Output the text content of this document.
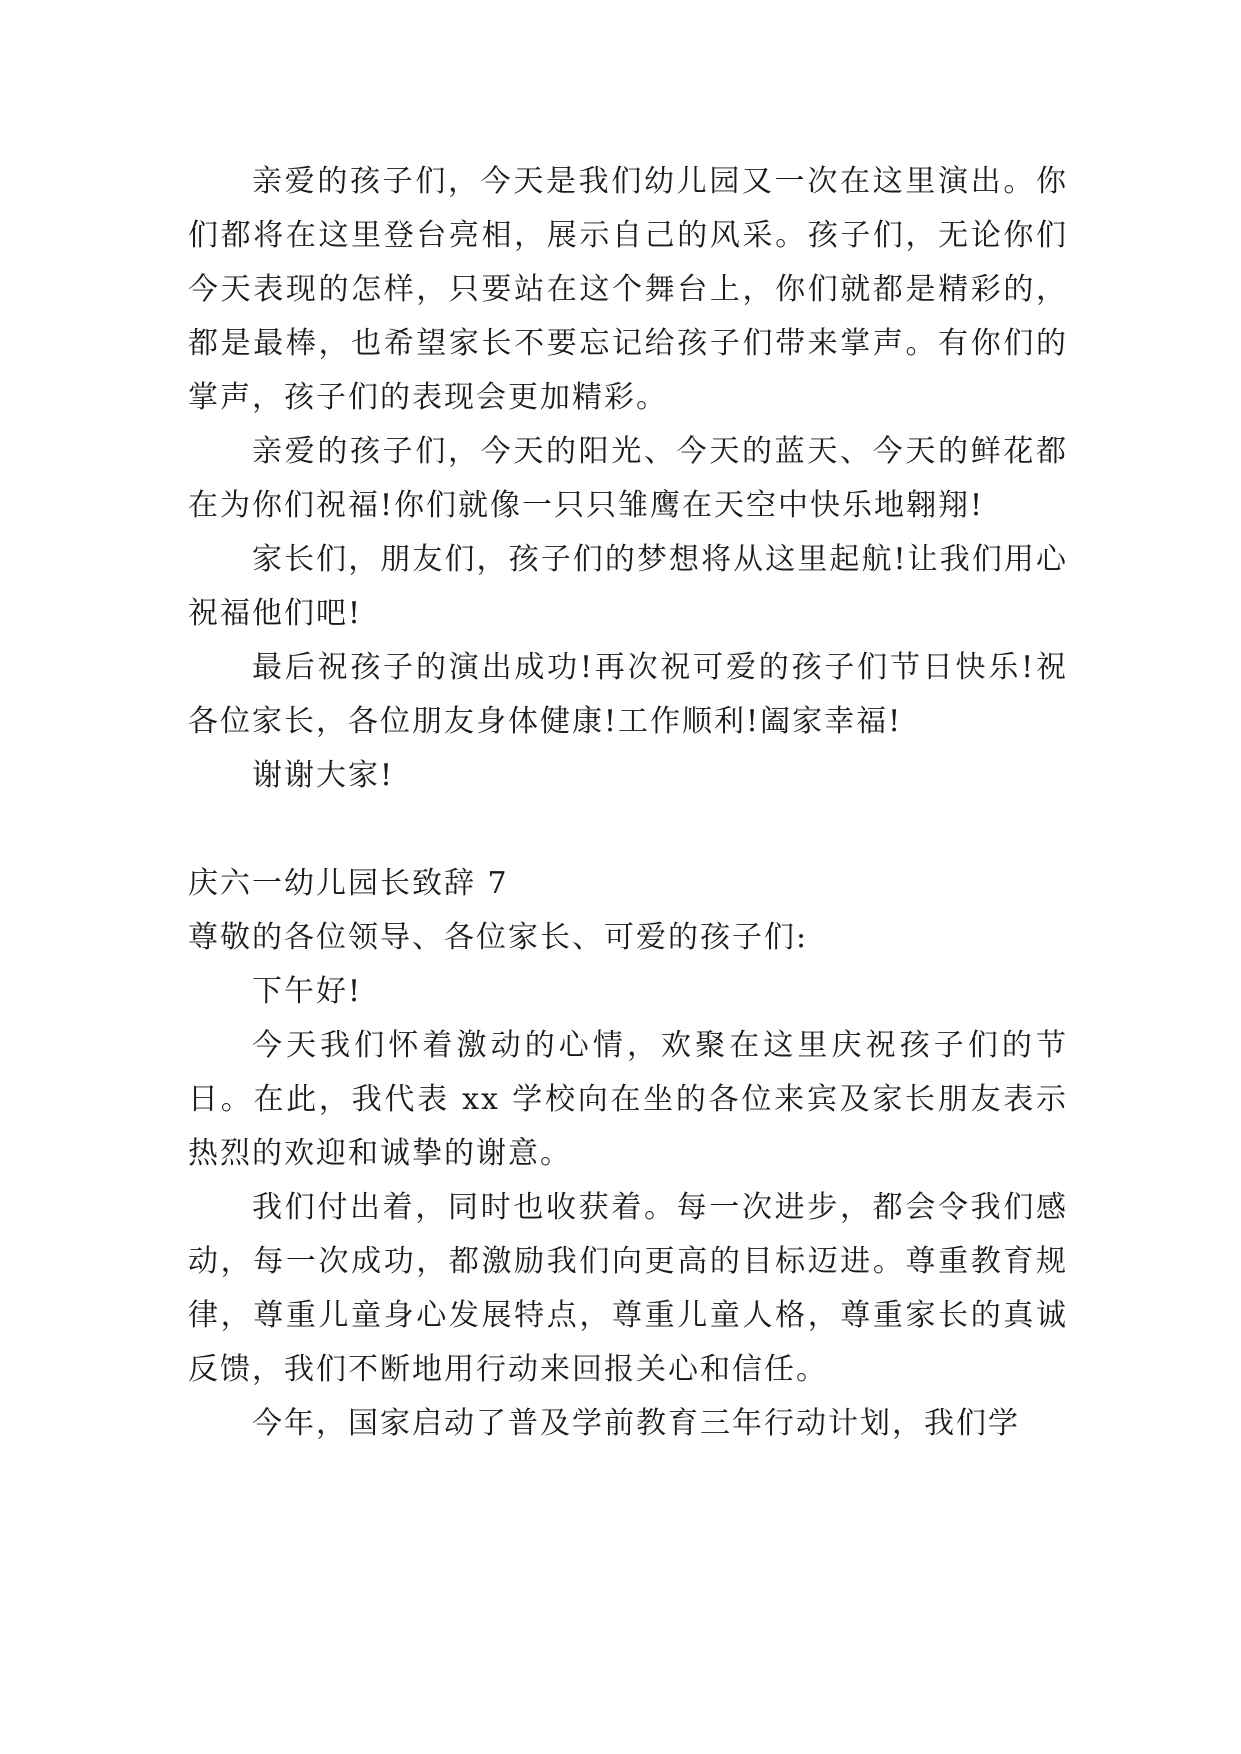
亲爱的孩子们，今天是我们幼儿园又一次在这里演出。你们都将在这里登台亮相，展示自己的风采。孩子们，无论你们今天表现的怎样，只要站在这个舞台上，你们就都是精彩的，都是最棒，也希望家长不要忘记给孩子们带来掌声。有你们的掌声，孩子们的表现会更加精彩。

亲爱的孩子们，今天的阳光、今天的蓝天、今天的鲜花都在为你们祝福!你们就像一只只雏鹰在天空中快乐地翱翔!

家长们，朋友们，孩子们的梦想将从这里起航!让我们用心祝福他们吧!

最后祝孩子的演出成功!再次祝可爱的孩子们节日快乐!祝各位家长，各位朋友身体健康!工作顺利!阖家幸福!

谢谢大家!

庆六一幼儿园长致辞 7

尊敬的各位领导、各位家长、可爱的孩子们:

下午好!

今天我们怀着激动的心情，欢聚在这里庆祝孩子们的节日。在此，我代表 xx 学校向在坐的各位来宾及家长朋友表示热烈的欢迎和诚挚的谢意。

我们付出着，同时也收获着。每一次进步，都会令我们感动，每一次成功，都激励我们向更高的目标迈进。尊重教育规律，尊重儿童身心发展特点，尊重儿童人格，尊重家长的真诚反馈，我们不断地用行动来回报关心和信任。

今年，国家启动了普及学前教育三年行动计划，我们学
